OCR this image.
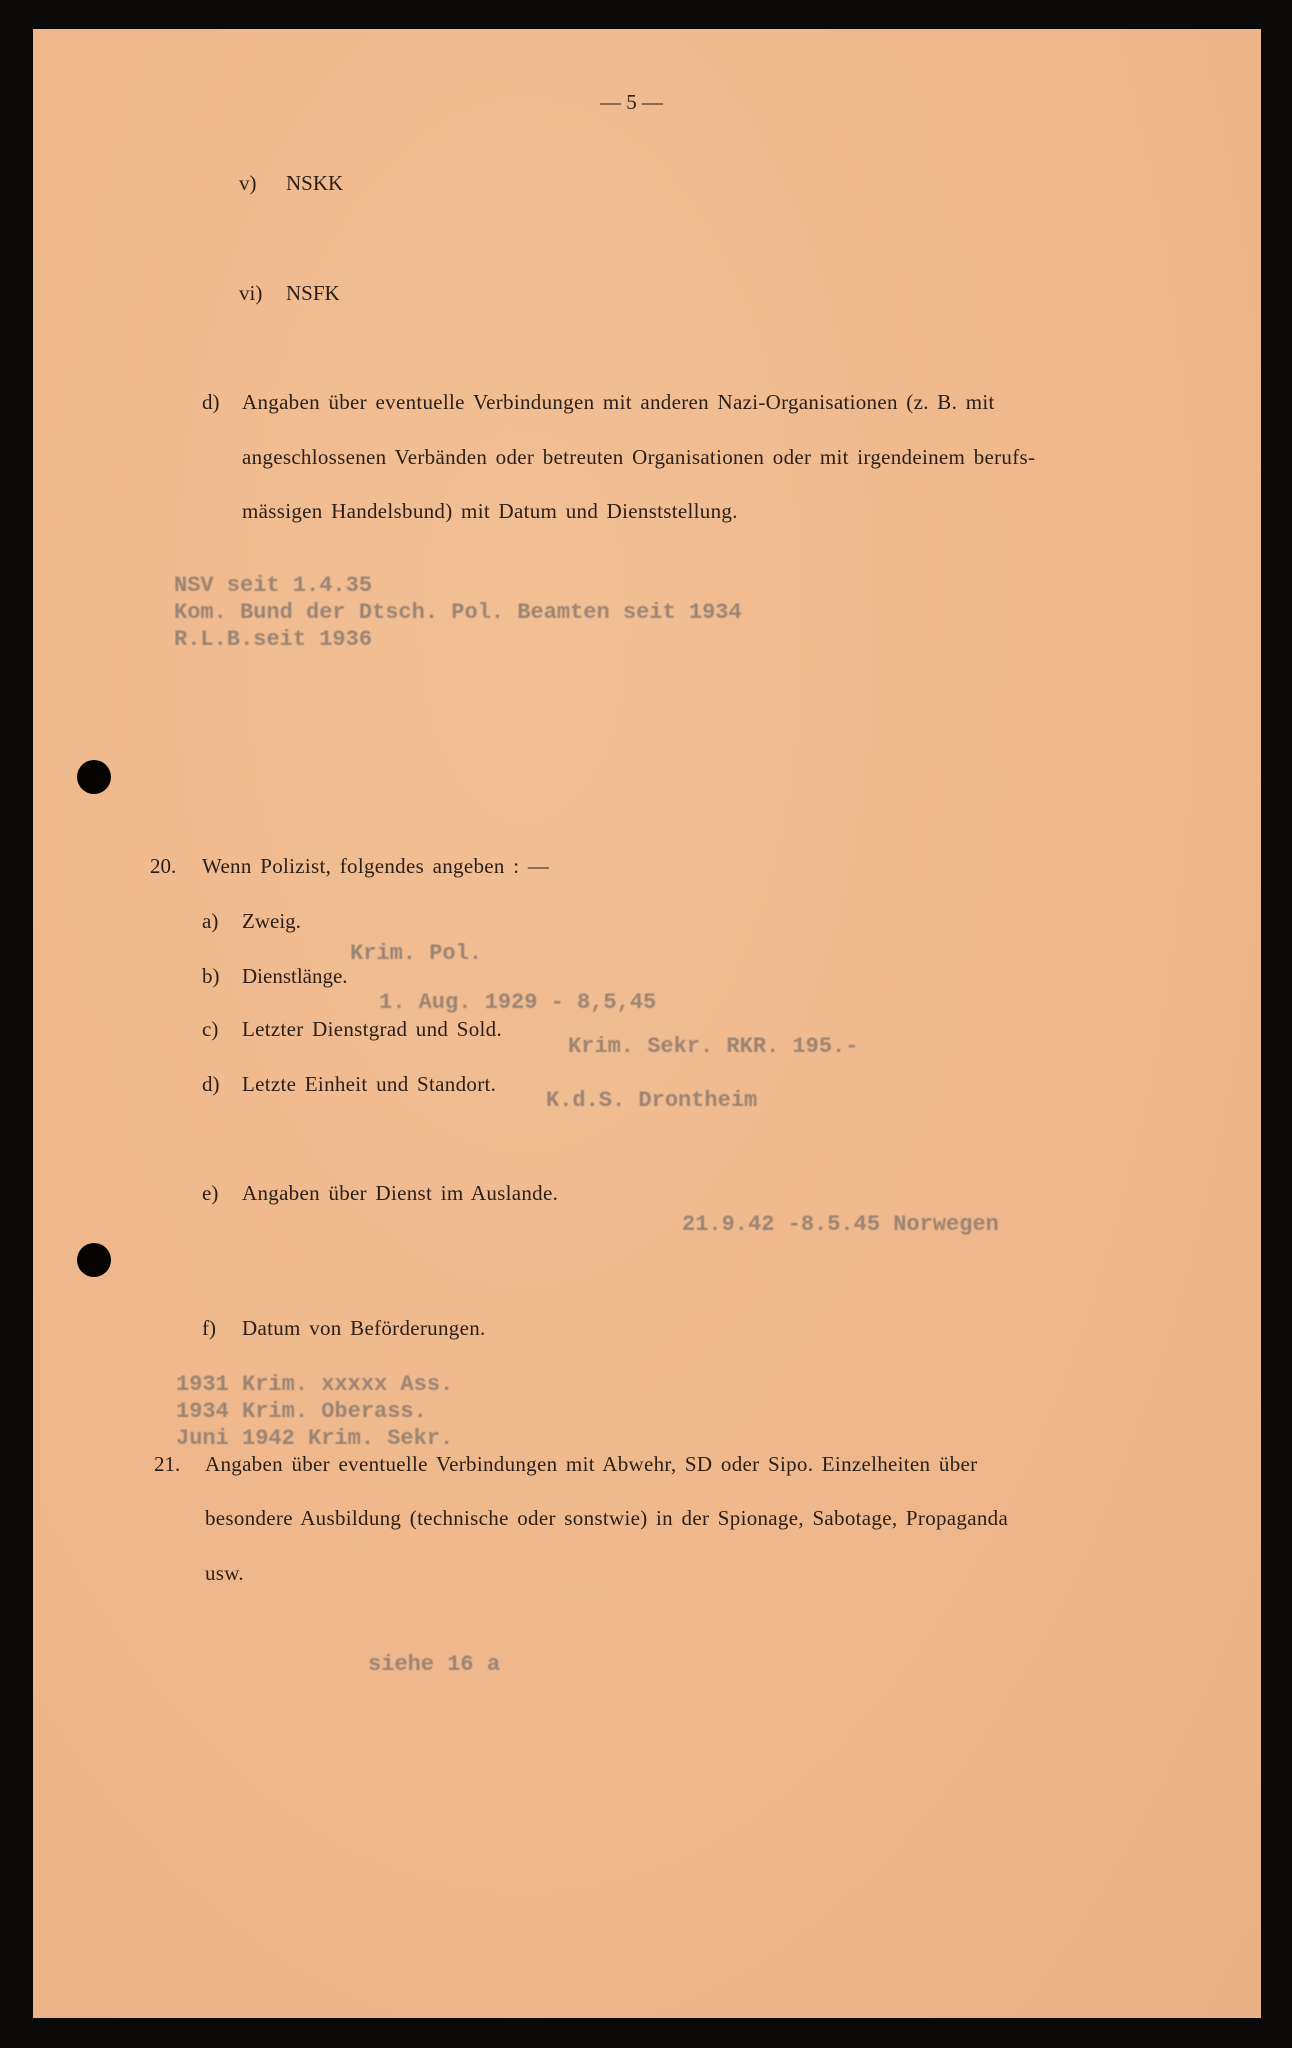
— 5 —
v) NSKK
vi) NSFK
d) Angaben über eventuelle Verbindungen mit anderen Nazi-Organisationen (z. B. mit
angeschlossenen Verbänden oder betreuten Organisationen oder mit irgendeinem berufs-
mässigen Handelsbund) mit Datum und Dienststellung.
NSV seit 1.4.35
Kom. Bund der Dtsch. Pol. Beamten seit 1934
R.L.B.seit 1936
20. Wenn Polizist, folgendes angeben : —
a) Zweig.
Krim. Pol.
b) Dienstlänge.
1. Aug. 1929 - 8,5,45
c) Letzter Dienstgrad und Sold.
Krim. Sekr. RKR. 195.-
d) Letzte Einheit und Standort.
K.d.S. Drontheim
e) Angaben über Dienst im Auslande.
21.9.42 -8.5.45 Norwegen
f) Datum von Beförderungen.
1931 Krim. xxxxx Ass.
1934 Krim. Oberass.
Juni 1942 Krim. Sekr.
21. Angaben über eventuelle Verbindungen mit Abwehr, SD oder Sipo. Einzelheiten über
besondere Ausbildung (technische oder sonstwie) in der Spionage, Sabotage, Propaganda
usw.
siehe 16 a
